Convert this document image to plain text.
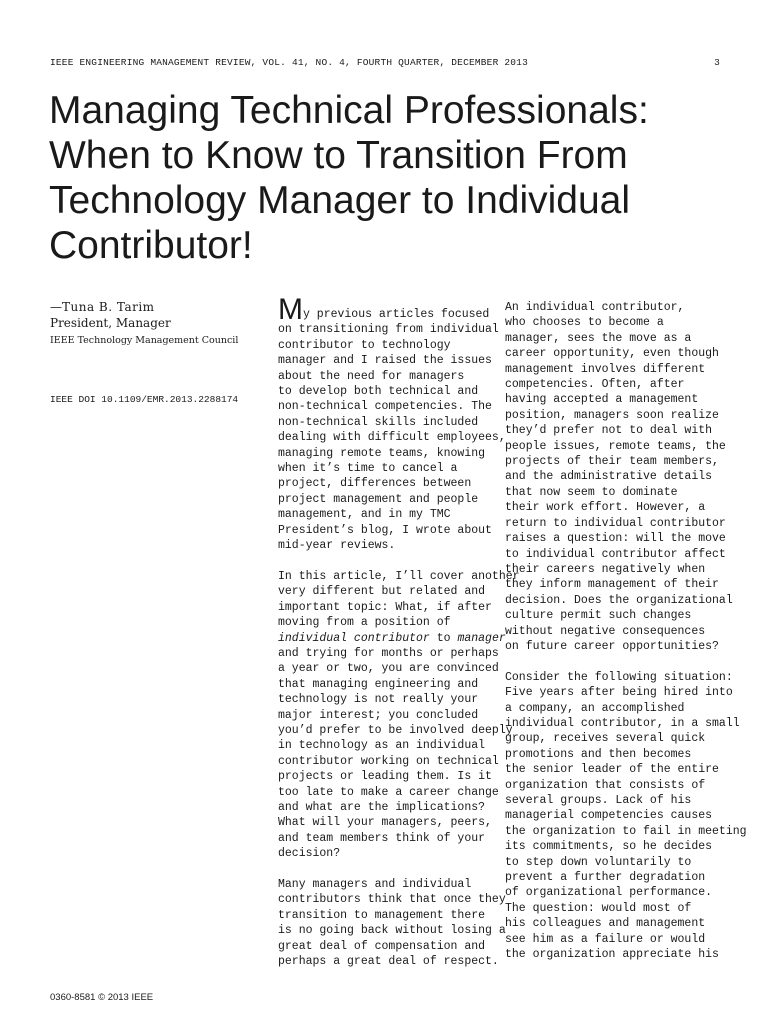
IEEE ENGINEERING MANAGEMENT REVIEW, VOL. 41, NO. 4, FOURTH QUARTER, DECEMBER 2013	3
Managing Technical Professionals:
When to Know to Transition From
Technology Manager to Individual
Contributor!
—Tuna B. Tarim
President, Manager
IEEE Technology Management Council
IEEE DOI 10.1109/EMR.2013.2288174
My previous articles focused
on transitioning from individual
contributor to technology
manager and I raised the issues
about the need for managers
to develop both technical and
non-technical competencies. The
non-technical skills included
dealing with difficult employees,
managing remote teams, knowing
when it’s time to cancel a
project, differences between
project management and people
management, and in my TMC
President’s blog, I wrote about
mid-year reviews.
In this article, I’ll cover another
very different but related and
important topic: What, if after
moving from a position of
individual contributor to manager
and trying for months or perhaps
a year or two, you are convinced
that managing engineering and
technology is not really your
major interest; you concluded
you’d prefer to be involved deeply
in technology as an individual
contributor working on technical
projects or leading them. Is it
too late to make a career change
and what are the implications?
What will your managers, peers,
and team members think of your
decision?
Many managers and individual
contributors think that once they
transition to management there
is no going back without losing a
great deal of compensation and
perhaps a great deal of respect.
An individual contributor,
who chooses to become a
manager, sees the move as a
career opportunity, even though
management involves different
competencies. Often, after
having accepted a management
position, managers soon realize
they’d prefer not to deal with
people issues, remote teams, the
projects of their team members,
and the administrative details
that now seem to dominate
their work effort. However, a
return to individual contributor
raises a question: will the move
to individual contributor affect
their careers negatively when
they inform management of their
decision. Does the organizational
culture permit such changes
without negative consequences
on future career opportunities?
Consider the following situation:
Five years after being hired into
a company, an accomplished
individual contributor, in a small
group, receives several quick
promotions and then becomes
the senior leader of the entire
organization that consists of
several groups. Lack of his
managerial competencies causes
the organization to fail in meeting
its commitments, so he decides
to step down voluntarily to
prevent a further degradation
of organizational performance.
The question: would most of
his colleagues and management
see him as a failure or would
the organization appreciate his
0360-8581 © 2013 IEEE
